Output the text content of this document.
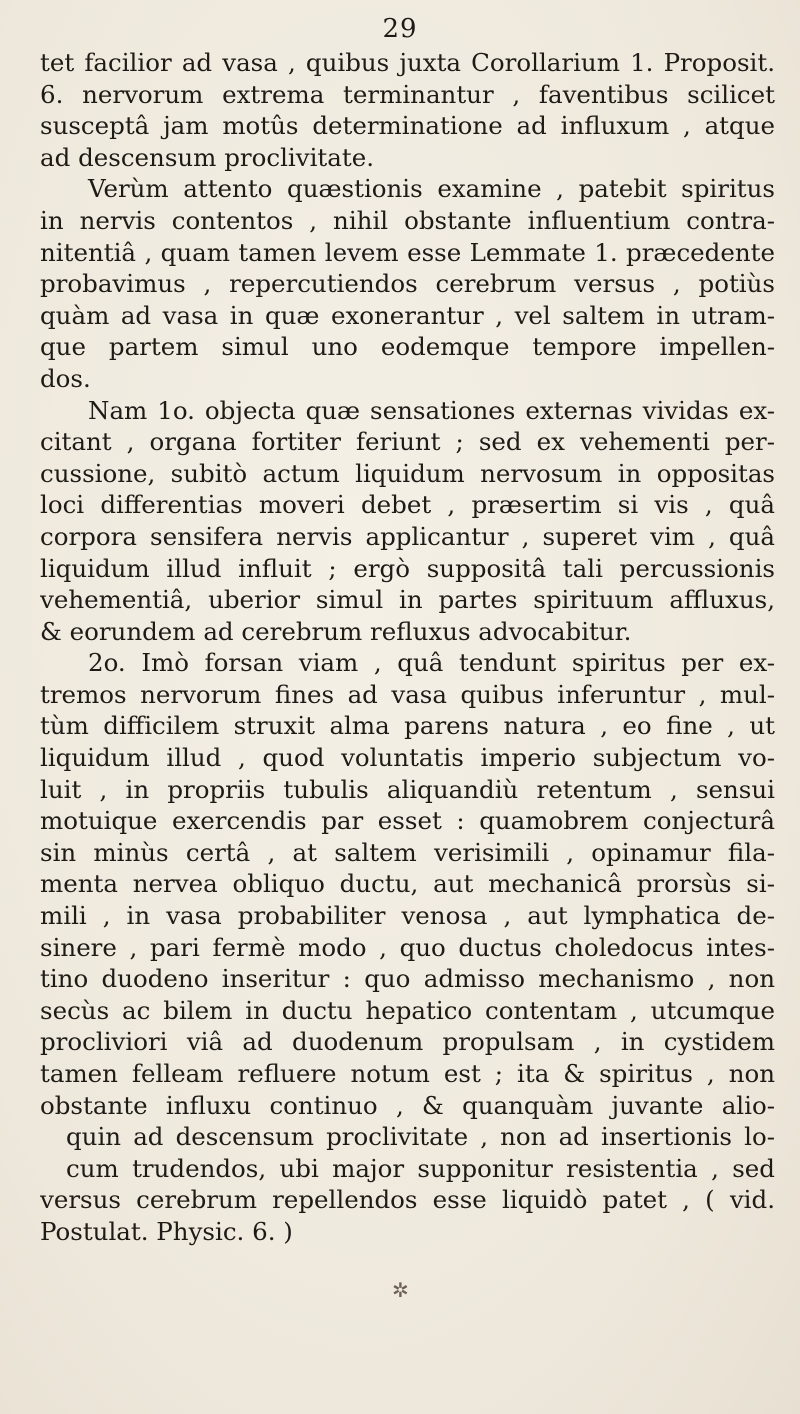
29
tet facilior ad vasa , quibus juxta Corollarium 1. Proposit.
6. nervorum extrema terminantur , faventibus scilicet
susceptâ jam motûs determinatione ad influxum , atque
ad descensum proclivitate.
Verùm attento quæstionis examine , patebit spiritus
in nervis contentos , nihil obstante influentium contra-
nitentiâ , quam tamen levem esse Lemmate 1. præcedente
probavimus , repercutiendos cerebrum versus , potiùs
quàm ad vasa in quæ exonerantur , vel saltem in utram-
que partem simul uno eodemque tempore impellen-
dos.
Nam 1o. objecta quæ sensationes externas vividas ex-
citant , organa fortiter feriunt ; sed ex vehementi per-
cussione, subitò actum liquidum nervosum in oppositas
loci differentias moveri debet , præsertim si vis , quâ
corpora sensifera nervis applicantur , superet vim , quâ
liquidum illud influit ; ergò suppositâ tali percussionis
vehementiâ, uberior simul in partes spirituum affluxus,
& eorundem ad cerebrum refluxus advocabitur.
2o. Imò forsan viam , quâ tendunt spiritus per ex-
tremos nervorum fines ad vasa quibus inferuntur , mul-
tùm difficilem struxit alma parens natura , eo fine , ut
liquidum illud , quod voluntatis imperio subjectum vo-
luit , in propriis tubulis aliquandiù retentum , sensui
motuique exercendis par esset : quamobrem conjecturâ
sin minùs certâ , at saltem verisimili , opinamur fila-
menta nervea obliquo ductu, aut mechanicâ prorsùs si-
mili , in vasa probabiliter venosa , aut lymphatica de-
sinere , pari fermè modo , quo ductus choledocus intes-
tino duodeno inseritur : quo admisso mechanismo , non
secùs ac bilem in ductu hepatico contentam , utcumque
procliviori viâ ad duodenum propulsam , in cystidem
tamen felleam refluere notum est ; ita & spiritus , non
obstante influxu continuo , & quanquàm juvante alio-
quin ad descensum proclivitate , non ad insertionis lo-
cum trudendos, ubi major supponitur resistentia , sed
versus cerebrum repellendos esse liquidò patet , ( vid.
Postulat. Physic. 6. )
✲
